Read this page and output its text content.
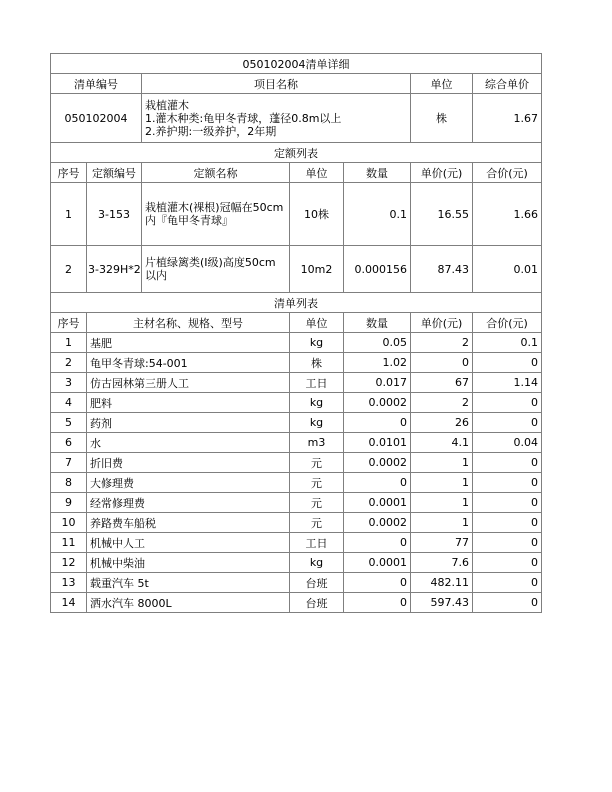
050102004清单详细						
清单编号		项目名称			单位	综合单价
050102004		栽植灌木
1.灌木种类:龟甲冬青球，蓬径0.8m以上
2.养护期:一级养护，2年期			株	1.67
定额列表						
序号	定额编号	定额名称	单位	数量	单价(元)	合价(元)
1	3-153	栽植灌木(裸根)冠幅在50cm内『龟甲冬青球』	10株	0.1	16.55	1.66
2	3-329H*2	片植绿篱类(I级)高度50cm以内	10m2	0.000156	87.43	0.01
清单列表						
序号	主材名称、规格、型号		单位	数量	单价(元)	合价(元)
1	基肥		kg	0.05	2	0.1
2	龟甲冬青球:54-001		株	1.02	0	0
3	仿古园林第三册人工		工日	0.017	67	1.14
4	肥料		kg	0.0002	2	0
5	药剂		kg	0	26	0
6	水		m3	0.0101	4.1	0.04
7	折旧费		元	0.0002	1	0
8	大修理费		元	0	1	0
9	经常修理费		元	0.0001	1	0
10	养路费车船税		元	0.0002	1	0
11	机械中人工		工日	0	77	0
12	机械中柴油		kg	0.0001	7.6	0
13	载重汽车 5t		台班	0	482.11	0
14	洒水汽车 8000L		台班	0	597.43	0
